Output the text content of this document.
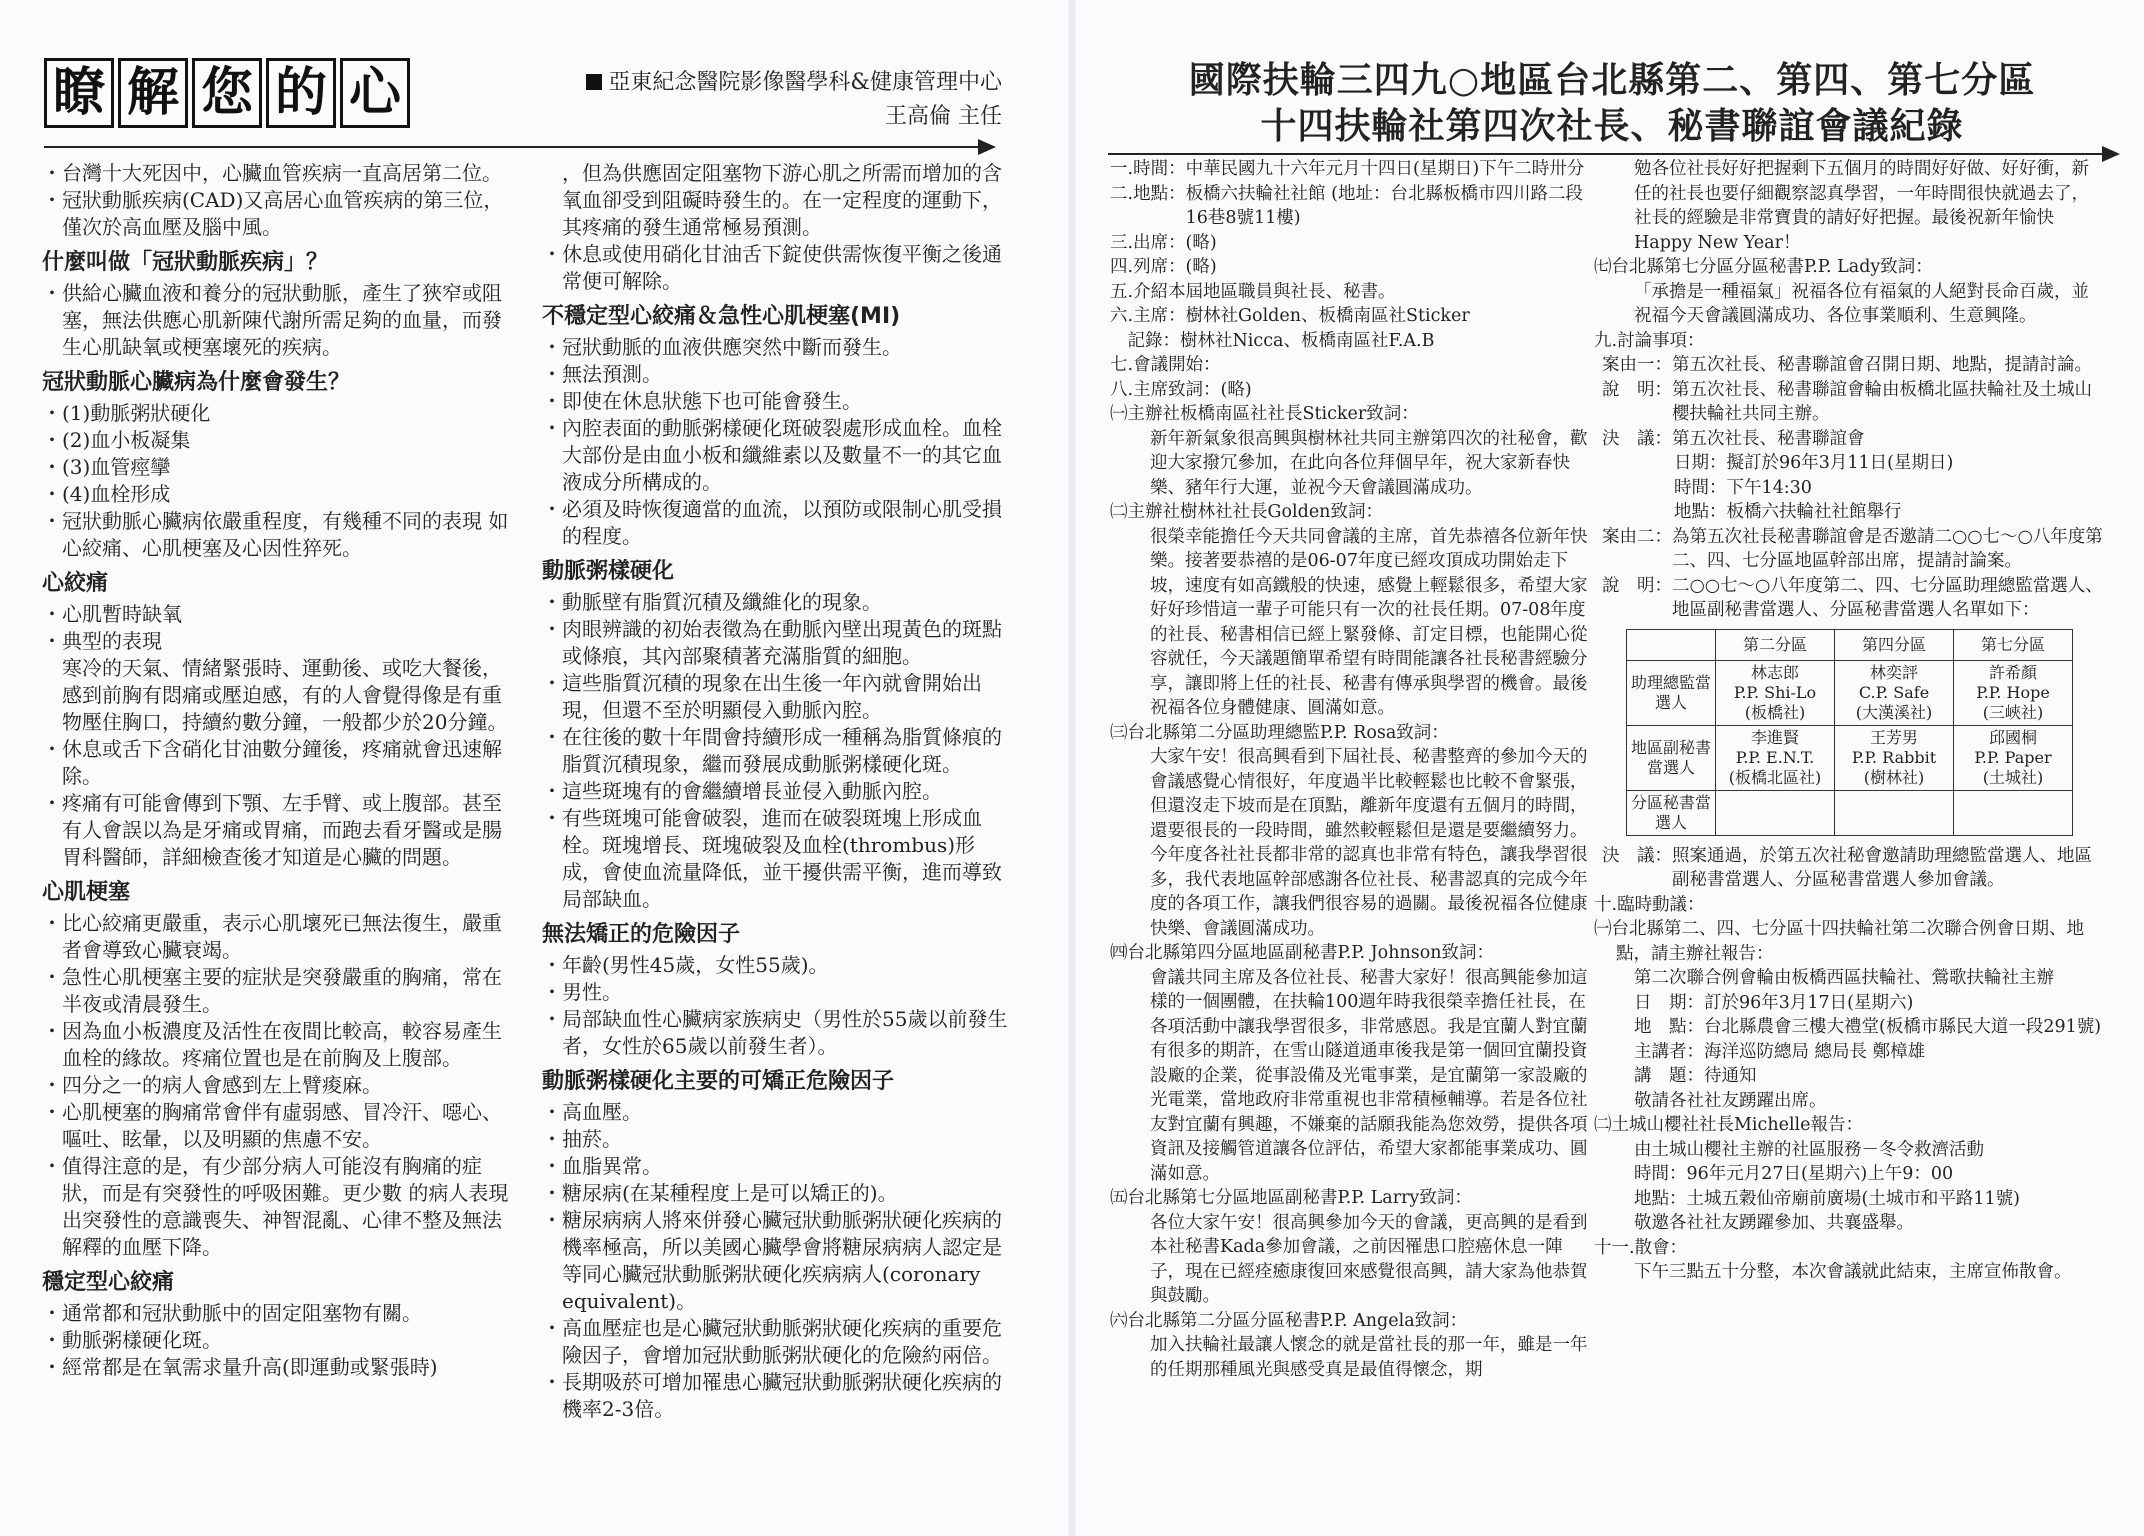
瞭 解 您 的 心	亞東紀念醫院影像醫學科&健康管理中心
王高倫 主任

・ 台灣十大死因中，心臟血管疾病一直高居第二位。

・ 冠狀動脈疾病(CAD)又高居心血管疾病的第三位，僅次於高血壓及腦中風。

什麼叫做「冠狀動脈疾病」？

・ 供給心臟血液和養分的冠狀動脈，產生了狹窄或阻塞，無法供應心肌新陳代謝所需足夠的血量，而發生心肌缺氧或梗塞壞死的疾病。

冠狀動脈心臟病為什麼會發生？

・ (1)動脈粥狀硬化

・ (2)血小板凝集

・ (3)血管痙攣

・ (4)血栓形成

・ 冠狀動脈心臟病依嚴重程度，有幾種不同的表現 如心絞痛、心肌梗塞及心因性猝死。

心絞痛

・ 心肌暫時缺氧

・ 典型的表現

寒冷的天氣、情緒緊張時、運動後、或吃大餐後，感到前胸有悶痛或壓迫感，有的人會覺得像是有重物壓住胸口，持續約數分鐘，一般都少於20分鐘。

・ 休息或舌下含硝化甘油數分鐘後，疼痛就會迅速解除。

・ 疼痛有可能會傳到下顎、左手臂、或上腹部。甚至有人會誤以為是牙痛或胃痛，而跑去看牙醫或是腸胃科醫師，詳細檢查後才知道是心臟的問題。

心肌梗塞

・ 比心絞痛更嚴重，表示心肌壞死已無法復生，嚴重者會導致心臟衰竭。

・ 急性心肌梗塞主要的症狀是突發嚴重的胸痛，常在半夜或清晨發生。

・ 因為血小板濃度及活性在夜間比較高，較容易產生血栓的緣故。疼痛位置也是在前胸及上腹部。

・ 四分之一的病人會感到左上臂痠麻。

・ 心肌梗塞的胸痛常會伴有虛弱感、冒冷汗、噁心、嘔吐、眩暈，以及明顯的焦慮不安。

・ 值得注意的是，有少部分病人可能沒有胸痛的症狀，而是有突發性的呼吸困難。更少數 的病人表現出突發性的意識喪失、神智混亂、心律不整及無法解釋的血壓下降。

穩定型心絞痛

・ 通常都和冠狀動脈中的固定阻塞物有關。

・ 動脈粥樣硬化斑。

・ 經常都是在氧需求量升高(即運動或緊張時)

，但為供應固定阻塞物下游心肌之所需而增加的含氧血卻受到阻礙時發生的。在一定程度的運動下，其疼痛的發生通常極易預測。

・ 休息或使用硝化甘油舌下錠使供需恢復平衡之後通常便可解除。

不穩定型心絞痛＆急性心肌梗塞(MI)

・ 冠狀動脈的血液供應突然中斷而發生。

・ 無法預測。

・ 即使在休息狀態下也可能會發生。

・ 內腔表面的動脈粥樣硬化斑破裂處形成血栓。血栓大部份是由血小板和纖維素以及數量不一的其它血液成分所構成的。

・ 必須及時恢復適當的血流，以預防或限制心肌受損的程度。

動脈粥樣硬化

・ 動脈壁有脂質沉積及纖維化的現象。

・ 肉眼辨識的初始表徵為在動脈內壁出現黃色的斑點或條痕，其內部聚積著充滿脂質的細胞。

・ 這些脂質沉積的現象在出生後一年內就會開始出現，但還不至於明顯侵入動脈內腔。

・ 在往後的數十年間會持續形成一種稱為脂質條痕的脂質沉積現象，繼而發展成動脈粥樣硬化斑。

・ 這些斑塊有的會繼續增長並侵入動脈內腔。

・ 有些斑塊可能會破裂，進而在破裂斑塊上形成血栓。斑塊增長、斑塊破裂及血栓(thrombus)形成，會使血流量降低，並干擾供需平衡，進而導致局部缺血。

無法矯正的危險因子

・ 年齡(男性45歲，女性55歲)。

・ 男性。

・ 局部缺血性心臟病家族病史（男性於55歲以前發生者，女性於65歲以前發生者）。

動脈粥樣硬化主要的可矯正危險因子

・ 高血壓。

・ 抽菸。

・ 血脂異常。

・ 糖尿病(在某種程度上是可以矯正的)。

・ 糖尿病病人將來併發心臟冠狀動脈粥狀硬化疾病的機率極高，所以美國心臟學會將糖尿病病人認定是等同心臟冠狀動脈粥狀硬化疾病病人(coronary equivalent)。

・ 高血壓症也是心臟冠狀動脈粥狀硬化疾病的重要危險因子，會增加冠狀動脈粥狀硬化的危險約兩倍。

・ 長期吸菸可增加罹患心臟冠狀動脈粥狀硬化疾病的機率2-3倍。

國際扶輪三四九○地區台北縣第二、第四、第七分區
十四扶輪社第四次社長、秘書聯誼會議紀錄
一.時間： 中華民國九十六年元月十四日(星期日)下午二時卅分
二.地點： 板橋六扶輪社社館 (地址：台北縣板橋市四川路二段16巷8號11樓)
三.出席：(略)
四.列席：(略)
五.介紹本屆地區職員與社長、秘書。
六.主席： 樹林社Golden、板橋南區社Sticker
　記錄： 樹林社Nicca、板橋南區社F.A.B
七.會議開始：
八.主席致詞：(略)
㈠主辦社板橋南區社社長Sticker致詞：
新年新氣象很高興與樹林社共同主辦第四次的社秘會，歡迎大家撥冗參加，在此向各位拜個早年，祝大家新春快樂、豬年行大運，並祝今天會議圓滿成功。
㈡主辦社樹林社社長Golden致詞：
很榮幸能擔任今天共同會議的主席，首先恭禧各位新年快樂。接著要恭禧的是06-07年度已經攻頂成功開始走下坡，速度有如高鐵般的快速，感覺上輕鬆很多，希望大家好好珍惜這一輩子可能只有一次的社長任期。07-08年度的社長、秘書相信已經上緊發條、訂定目標，也能開心從容就任，今天議題簡單希望有時間能讓各社長秘書經驗分享，讓即將上任的社長、秘書有傳承與學習的機會。最後祝福各位身體健康、圓滿如意。
㈢台北縣第二分區助理總監P.P. Rosa致詞：
大家午安！很高興看到下屆社長、秘書整齊的參加今天的會議感覺心情很好，年度過半比較輕鬆也比較不會緊張，但還沒走下坡而是在頂點，離新年度還有五個月的時間，還要很長的一段時間，雖然較輕鬆但是還是要繼續努力。今年度各社社長都非常的認真也非常有特色，讓我學習很多，我代表地區幹部感謝各位社長、秘書認真的完成今年度的各項工作，讓我們很容易的過關。最後祝福各位健康快樂、會議圓滿成功。
㈣台北縣第四分區地區副秘書P.P. Johnson致詞：
會議共同主席及各位社長、秘書大家好！很高興能參加這樣的一個團體，在扶輪100週年時我很榮幸擔任社長，在各項活動中讓我學習很多，非常感恩。我是宜蘭人對宜蘭有很多的期許，在雪山隧道通車後我是第一個回宜蘭投資設廠的企業，從事設備及光電事業，是宜蘭第一家設廠的光電業，當地政府非常重視也非常積極輔導。若是各位社友對宜蘭有興趣，不嫌棄的話願我能為您效勞，提供各項資訊及接觸管道讓各位評估，希望大家都能事業成功、圓滿如意。
㈤台北縣第七分區地區副秘書P.P. Larry致詞：
各位大家午安！很高興參加今天的會議，更高興的是看到本社秘書Kada參加會議，之前因罹患口腔癌休息一陣子，現在已經痊癒康復回來感覺很高興，請大家為他恭賀與鼓勵。
㈥台北縣第二分區分區秘書P.P. Angela致詞：
加入扶輪社最讓人懷念的就是當社長的那一年，雖是一年的任期那種風光與感受真是最值得懷念，期
勉各位社長好好把握剩下五個月的時間好好做、好好衝，新任的社長也要仔細觀察認真學習，一年時間很快就過去了，社長的經驗是非常寶貴的請好好把握。最後祝新年愉快Happy New Year！
㈦台北縣第七分區分區秘書P.P. Lady致詞：
「承擔是一種福氣」祝福各位有福氣的人絕對長命百歲，並祝福今天會議圓滿成功、各位事業順利、生意興隆。
九.討論事項：
案由一： 第五次社長、秘書聯誼會召開日期、地點，提請討論。
說　明： 第五次社長、秘書聯誼會輪由板橋北區扶輪社及土城山櫻扶輪社共同主辦。
決　議： 第五次社長、秘書聯誼會
日期：擬訂於96年3月11日(星期日)
時間：下午14:30
地點：板橋六扶輪社社館舉行
案由二： 為第五次社長秘書聯誼會是否邀請二○○七～○八年度第二、四、七分區地區幹部出席，提請討論案。
說　明： 二○○七～○八年度第二、四、七分區助理總監當選人、地區副秘書當選人、分區秘書當選人名單如下：
	第二分區	第四分區	第七分區
助理總監當選人	林志郎
P.P. Shi-Lo
(板橋社)	林奕評
C.P. Safe
(大漢溪社)	許希顏
P.P. Hope
(三峽社)
地區副秘書當選人	李進賢
P.P. E.N.T.
(板橋北區社)	王芳男
P.P. Rabbit
(樹林社)	邱國桐
P.P. Paper
(土城社)
分區秘書當選人			
決　議： 照案通過，於第五次社秘會邀請助理總監當選人、地區副秘書當選人、分區秘書當選人參加會議。
十.臨時動議：
㈠台北縣第二、四、七分區十四扶輪社第二次聯合例會日期、地點，請主辦社報告：
第二次聯合例會輪由板橋西區扶輪社、鶯歌扶輪社主辦
日　期：訂於96年3月17日(星期六)
地　點：台北縣農會三樓大禮堂(板橋市縣民大道一段291號)
主講者：海洋巡防總局 總局長 鄭樟雄
講　題：待通知
敬請各社社友踴躍出席。
㈡土城山櫻社社長Michelle報告：
由土城山櫻社主辦的社區服務－冬令救濟活動
時間：96年元月27日(星期六)上午9：00
地點：土城五穀仙帝廟前廣場(土城市和平路11號)
敬邀各社社友踴躍參加、共襄盛舉。
十一.散會：
下午三點五十分整，本次會議就此結束，主席宣佈散會。
